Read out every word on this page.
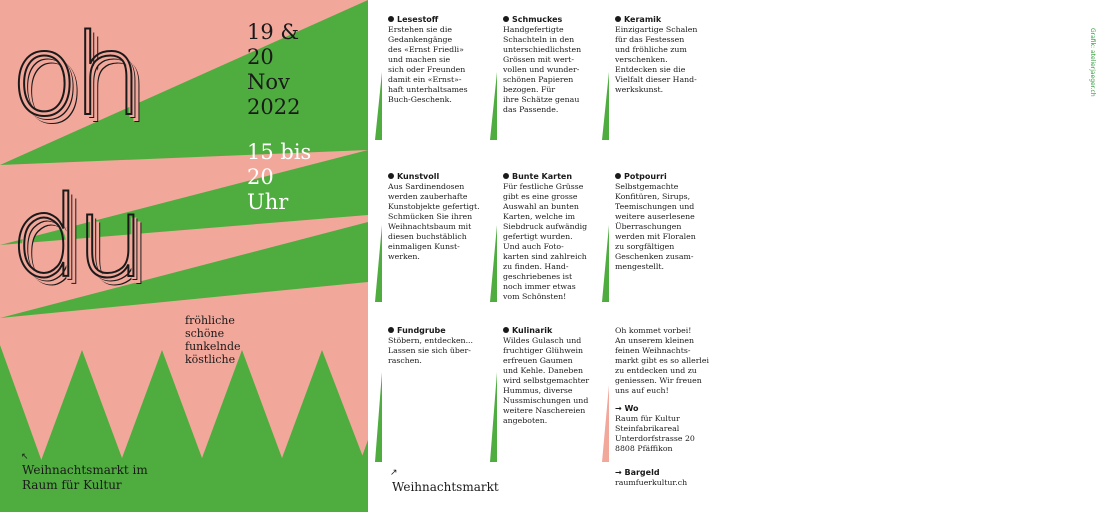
oh
du
19 &
20
Nov
2022
15 bis
20
Uhr
fröhliche
schöne
funkelnde
köstliche
↖
Weihnachtsmarkt im
Raum für Kultur
Lesestoff
Erstehen sie die
Gedankengänge
des «Ernst Friedli»
und machen sie
sich oder Freunden
damit ein «Ernst»-
haft unterhaltsames
Buch-Geschenk.
Schmuckes
Handgefertigte
Schachteln in den
unterschiedlichsten
Grössen mit wert-
vollen und wunder-
schönen Papieren
bezogen. Für
ihre Schätze genau
das Passende.
Keramik
Einzigartige Schalen
für das Festessen
und fröhliche zum
verschenken.
Entdecken sie die
Vielfalt dieser Hand-
werkskunst.
Kunstvoll
Aus Sardinendosen
werden zauberhafte
Kunstobjekte gefertigt.
Schmücken Sie ihren
Weihnachtsbaum mit
diesen buchstäblich
einmaligen Kunst-
werken.
Bunte Karten
Für festliche Grüsse
gibt es eine grosse
Auswahl an bunten
Karten, welche im
Siebdruck aufwändig
gefertigt wurden.
Und auch Foto-
karten sind zahlreich
zu finden. Hand-
geschriebenes ist
noch immer etwas
vom Schönsten!
Potpourri
Selbstgemachte
Konfitüren, Sirups,
Teemischungen und
weitere auserlesene
Überraschungen
werden mit Floralen
zu sorgfältigen
Geschenken zusam-
mengestellt.
Fundgrube
Stöbern, entdecken...
Lassen sie sich über-
raschen.
Kulinarik
Wildes Gulasch und
fruchtiger Glühwein
erfreuen Gaumen
und Kehle. Daneben
wird selbstgemachter
Hummus, diverse
Nussmischungen und
weitere Naschereien
angeboten.
Oh kommet vorbei!
An unserem kleinen
feinen Weihnachts-
markt gibt es so allerlei
zu entdecken und zu
geniessen. Wir freuen
uns auf euch!
→ Wo
Raum für Kultur
Steinfabrikareal
Unterdorfstrasse 20
8808 Pfäffikon
→ Bargeld
raumfuerkultur.ch
↗
Weihnachtsmarkt
Grafik: atelierjaeger.ch
